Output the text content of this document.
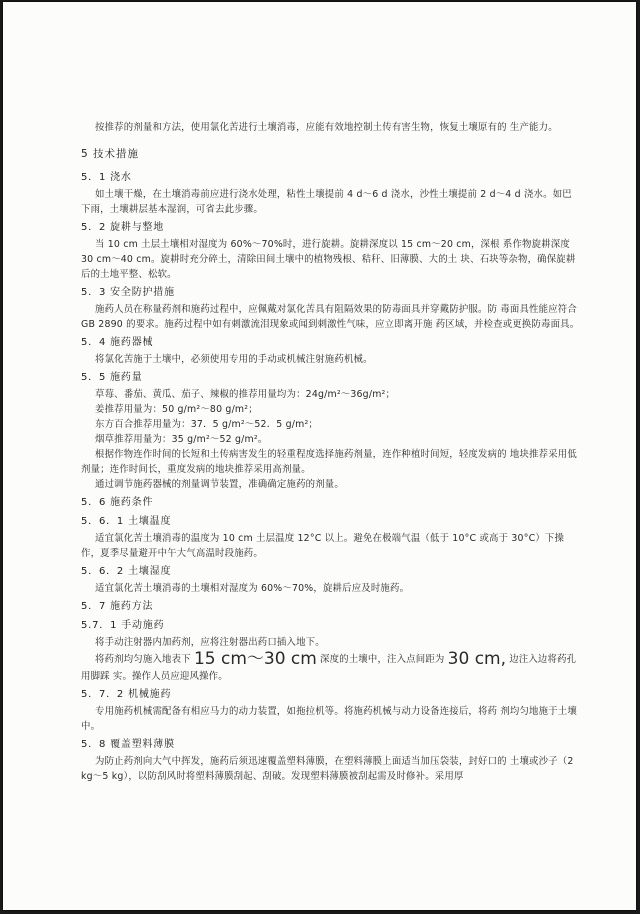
按推荐的剂量和方法，使用氯化苦进行土壤消毒，应能有效地控制土传有害生物，恢复土壤原有的 生产能力。

5 技术措施
5．1 浇水

如土壤干燥，在土壤消毒前应进行浇水处理，粘性土壤提前 4 d～6 d 浇水，沙性土壤提前 2 d～4 d 浇水。如巴下雨，土壤耕层基本湿润，可省去此步骤。

5．2 旋耕与整地

当 10 cm 土层土壤相对湿度为 60%～70%时，进行旋耕。旋耕深度以 15 cm～20 cm，深根 系作物旋耕深度 30 cm～40 cm。旋耕时充分碎土，清除田间土壤中的植物残根、秸秆、旧薄膜、大的土 块、石块等杂物，确保旋耕后的土地平整、松软。

5．3 安全防护措施

施药人员在称量药剂和施药过程中，应佩戴对氯化苦具有阻隔效果的防毒面具并穿戴防护服。防 毒面具性能应符合 GB 2890 的要求。施药过程中如有刺激流泪现象或闻到刺激性气味，应立即离开施 药区域，并检查或更换防毒面具。

5．4 施药器械

将氯化苦施于土壤中，必须使用专用的手动或机械注射施药机械。

5．5 施药量

草莓、番茄、黄瓜、茄子、辣椒的推荐用量均为：24g/m²～36g/m²；

姜推荐用量为：50 g/m²～80 g/m²；

东方百合推荐用量为：37．5 g/m²～52．5 g/m²；

烟草推荐用量为：35 g/m²～52 g/m²。

根据作物连作时间的长短和土传病害发生的轻重程度选择施药剂量，连作种植时间短，轻度发病的 地块推荐采用低剂量；连作时间长，重度发病的地块推荐采用高剂量。

通过调节施药器械的剂量调节装置，准确确定施药的剂量。

5．6 施药条件
5．6．1 土壤温度

适宜氯化苦土壤消毒的温度为 10 cm 土层温度 12°C 以上。避免在极端气温（低于 10°C 或高于 30°C）下操作，夏季尽量避开中午大气高温时段施药。

5．6．2 土壤湿度

适宜氯化苦土壤消毒的土壤相对湿度为 60%～70%，旋耕后应及时施药。

5．7 施药方法
5.7．1 手动施药

将手动注射器内加药剂，应将注射器出药口插入地下。

将药剂均匀施入地表下 15 cm～30 cm 深度的土壤中，注入点间距为 30 cm, 边注入边将药孔用脚踩 实。操作人员应迎风操作。

5．7．2 机械施药

专用施药机械需配备有相应马力的动力装置，如拖拉机等。将施药机械与动力设备连接后，将药 剂均匀地施于土壤中。

5．8 覆盖塑料薄膜

为防止药剂向大气中挥发，施药后须迅速覆盖塑料薄膜，在塑料薄膜上面适当加压袋装，封好口的 土壤或沙子（2 kg～5 kg），以防刮风时将塑料薄膜刮起、刮破。发现塑料薄膜被刮起需及时修补。采用厚
